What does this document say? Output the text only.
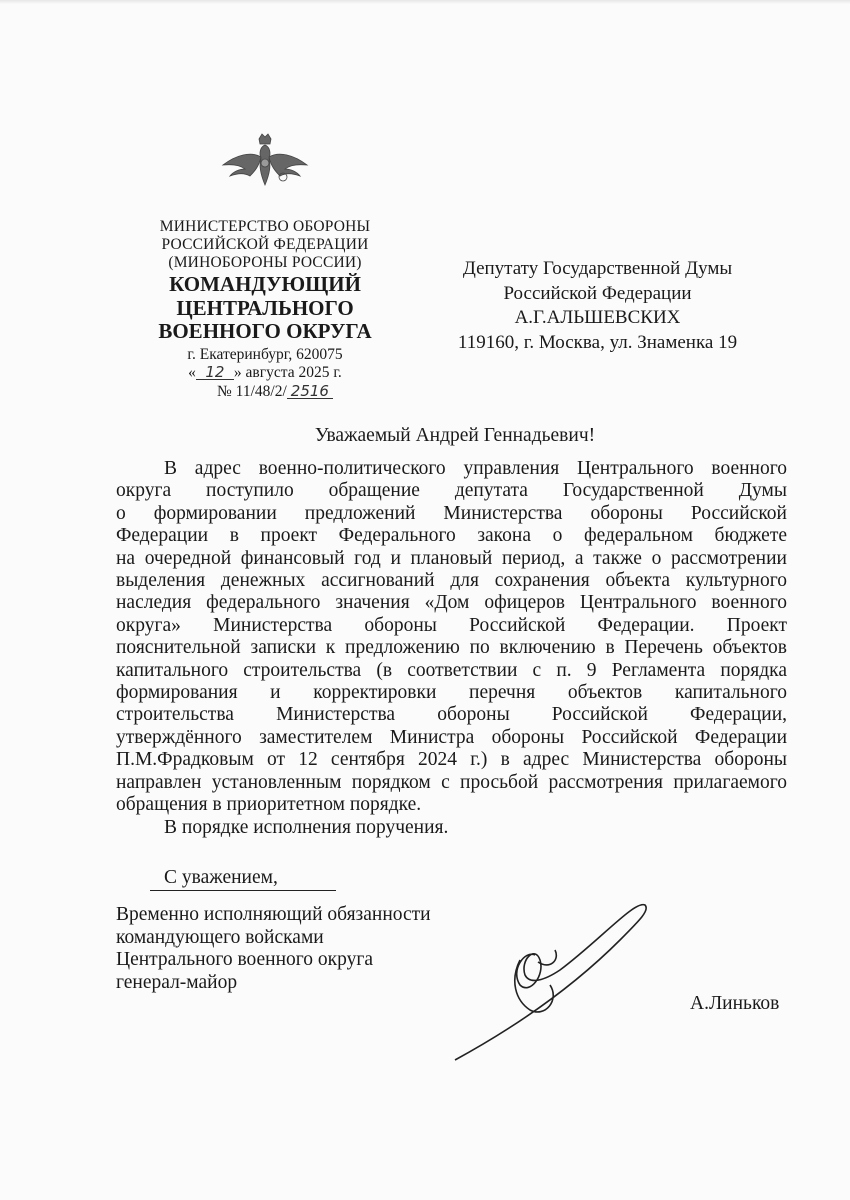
МИНИСТЕРСТВО ОБОРОНЫ
РОССИЙСКОЙ ФЕДЕРАЦИИ
(МИНОБОРОНЫ РОССИИ)
КОМАНДУЮЩИЙ
ЦЕНТРАЛЬНОГО
ВОЕННОГО ОКРУГА
г. Екатеринбург, 620075
« 12 » августа 2025 г.
№ 11/48/2/ 2516
Депутату Государственной Думы
Российской Федерации
А.Г.АЛЬШЕВСКИХ
119160, г. Москва, ул. Знаменка 19
Уважаемый Андрей Геннадьевич!
В адрес военно-политического управления Центрального военного
округа поступило обращение депутата Государственной Думы
о формировании предложений Министерства обороны Российской
Федерации в проект Федерального закона о федеральном бюджете
на очередной финансовый год и плановый период, а также о рассмотрении
выделения денежных ассигнований для сохранения объекта культурного
наследия федерального значения «Дом офицеров Центрального военного
округа» Министерства обороны Российской Федерации. Проект
пояснительной записки к предложению по включению в Перечень объектов
капитального строительства (в соответствии с п. 9 Регламента порядка
формирования и корректировки перечня объектов капитального
строительства Министерства обороны Российской Федерации,
утверждённого заместителем Министра обороны Российской Федерации
П.М.Фрадковым от 12 сентября 2024 г.) в адрес Министерства обороны
направлен установленным порядком с просьбой рассмотрения прилагаемого
обращения в приоритетном порядке.
В порядке исполнения поручения.
С уважением,
Временно исполняющий обязанности
командующего войсками
Центрального военного округа
генерал-майор
А.Линьков
